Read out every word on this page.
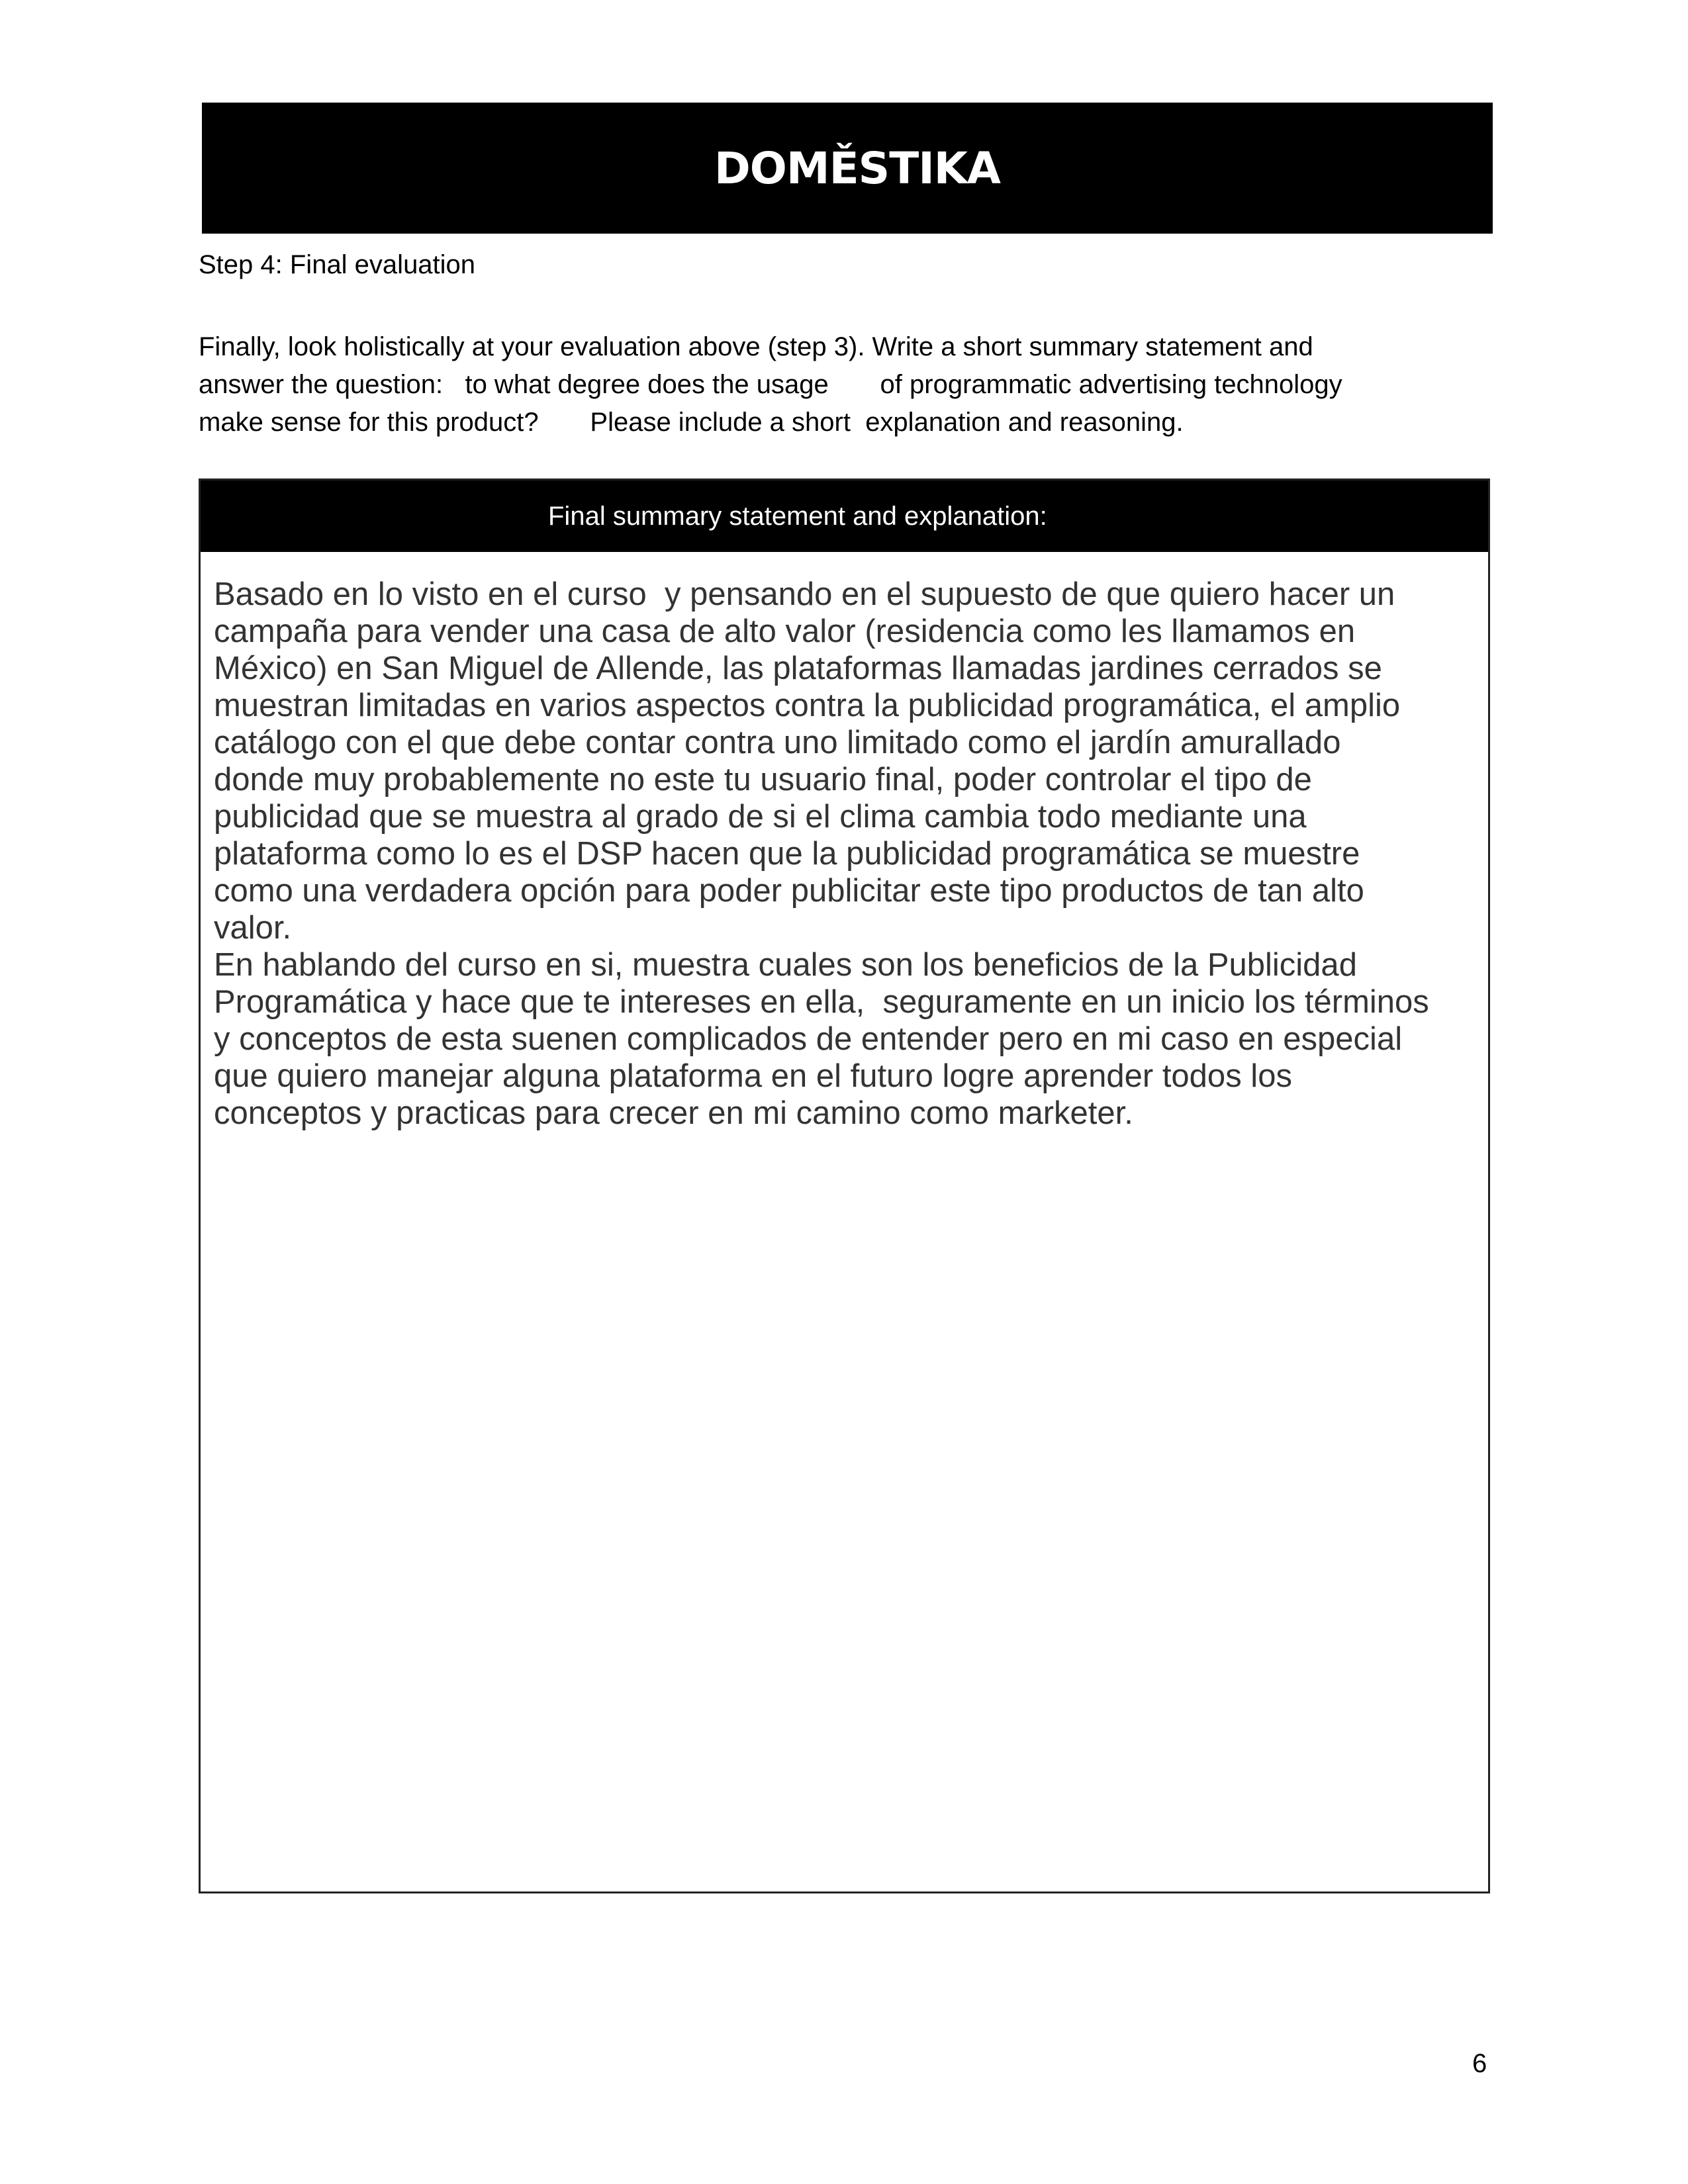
DOMĚSTIKA
Step 4: Final evaluation
Finally, look holistically at your evaluation above (step 3). Write a short summary statement and
answer the question:   to what degree does the usage       of programmatic advertising technology
make sense for this product?       Please include a short  explanation and reasoning.
Final summary statement and explanation:
Basado en lo visto en el curso  y pensando en el supuesto de que quiero hacer un
campaña para vender una casa de alto valor (residencia como les llamamos en
México) en San Miguel de Allende, las plataformas llamadas jardines cerrados se
muestran limitadas en varios aspectos contra la publicidad programática, el amplio
catálogo con el que debe contar contra uno limitado como el jardín amurallado
donde muy probablemente no este tu usuario final, poder controlar el tipo de
publicidad que se muestra al grado de si el clima cambia todo mediante una
plataforma como lo es el DSP hacen que la publicidad programática se muestre
como una verdadera opción para poder publicitar este tipo productos de tan alto
valor.
En hablando del curso en si, muestra cuales son los beneficios de la Publicidad
Programática y hace que te intereses en ella,  seguramente en un inicio los términos
y conceptos de esta suenen complicados de entender pero en mi caso en especial
que quiero manejar alguna plataforma en el futuro logre aprender todos los
conceptos y practicas para crecer en mi camino como marketer.
6
